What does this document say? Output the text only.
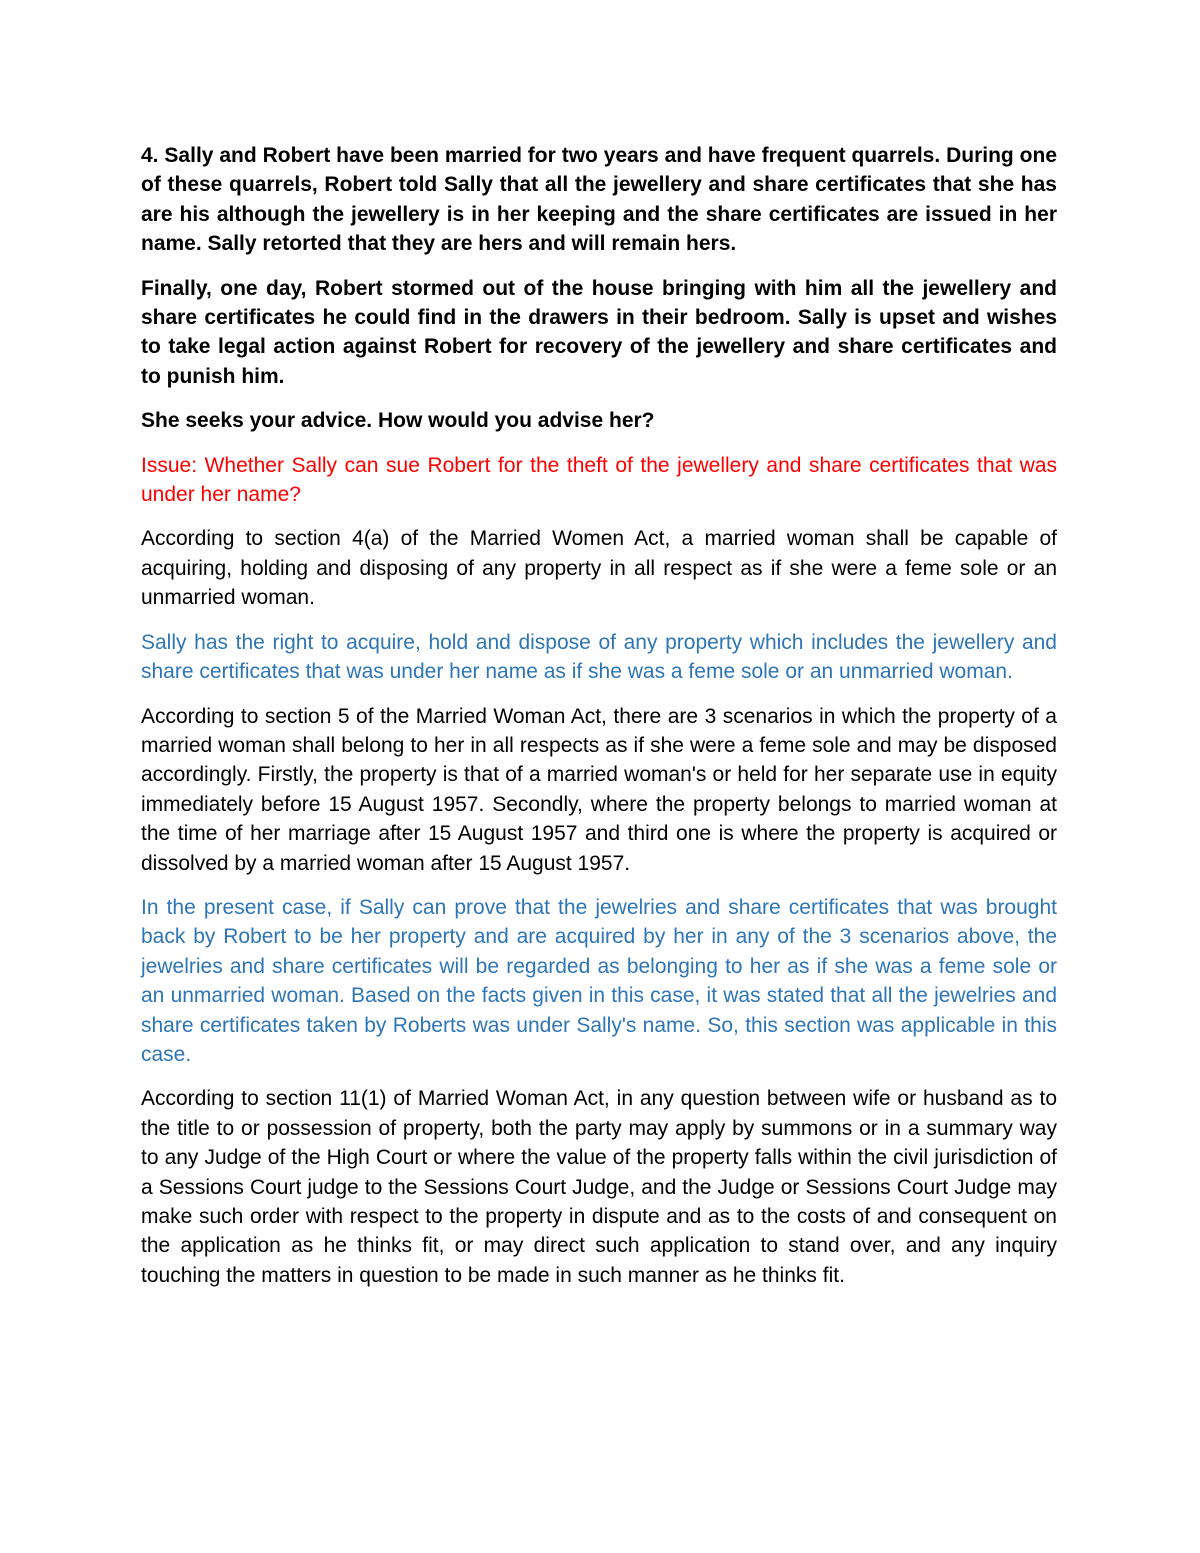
4. Sally and Robert have been married for two years and have frequent quarrels. During one of these quarrels, Robert told Sally that all the jewellery and share certificates that she has are his although the jewellery is in her keeping and the share certificates are issued in her name. Sally retorted that they are hers and will remain hers.

Finally, one day, Robert stormed out of the house bringing with him all the jewellery and share certificates he could find in the drawers in their bedroom. Sally is upset and wishes to take legal action against Robert for recovery of the jewellery and share certificates and to punish him.

She seeks your advice. How would you advise her?

Issue: Whether Sally can sue Robert for the theft of the jewellery and share certificates that was under her name?

According to section 4(a) of the Married Women Act, a married woman shall be capable of acquiring, holding and disposing of any property in all respect as if she were a feme sole or an unmarried woman.

Sally has the right to acquire, hold and dispose of any property which includes the jewellery and share certificates that was under her name as if she was a feme sole or an unmarried woman.

According to section 5 of the Married Woman Act, there are 3 scenarios in which the property of a married woman shall belong to her in all respects as if she were a feme sole and may be disposed accordingly. Firstly, the property is that of a married woman's or held for her separate use in equity immediately before 15 August 1957. Secondly, where the property belongs to married woman at the time of her marriage after 15 August 1957 and third one is where the property is acquired or dissolved by a married woman after 15 August 1957.

In the present case, if Sally can prove that the jewelries and share certificates that was brought back by Robert to be her property and are acquired by her in any of the 3 scenarios above, the jewelries and share certificates will be regarded as belonging to her as if she was a feme sole or an unmarried woman. Based on the facts given in this case, it was stated that all the jewelries and share certificates taken by Roberts was under Sally's name. So, this section was applicable in this case.

According to section 11(1) of Married Woman Act, in any question between wife or husband as to the title to or possession of property, both the party may apply by summons or in a summary way to any Judge of the High Court or where the value of the property falls within the civil jurisdiction of a Sessions Court judge to the Sessions Court Judge, and the Judge or Sessions Court Judge may make such order with respect to the property in dispute and as to the costs of and consequent on the application as he thinks fit, or may direct such application to stand over, and any inquiry touching the matters in question to be made in such manner as he thinks fit.
